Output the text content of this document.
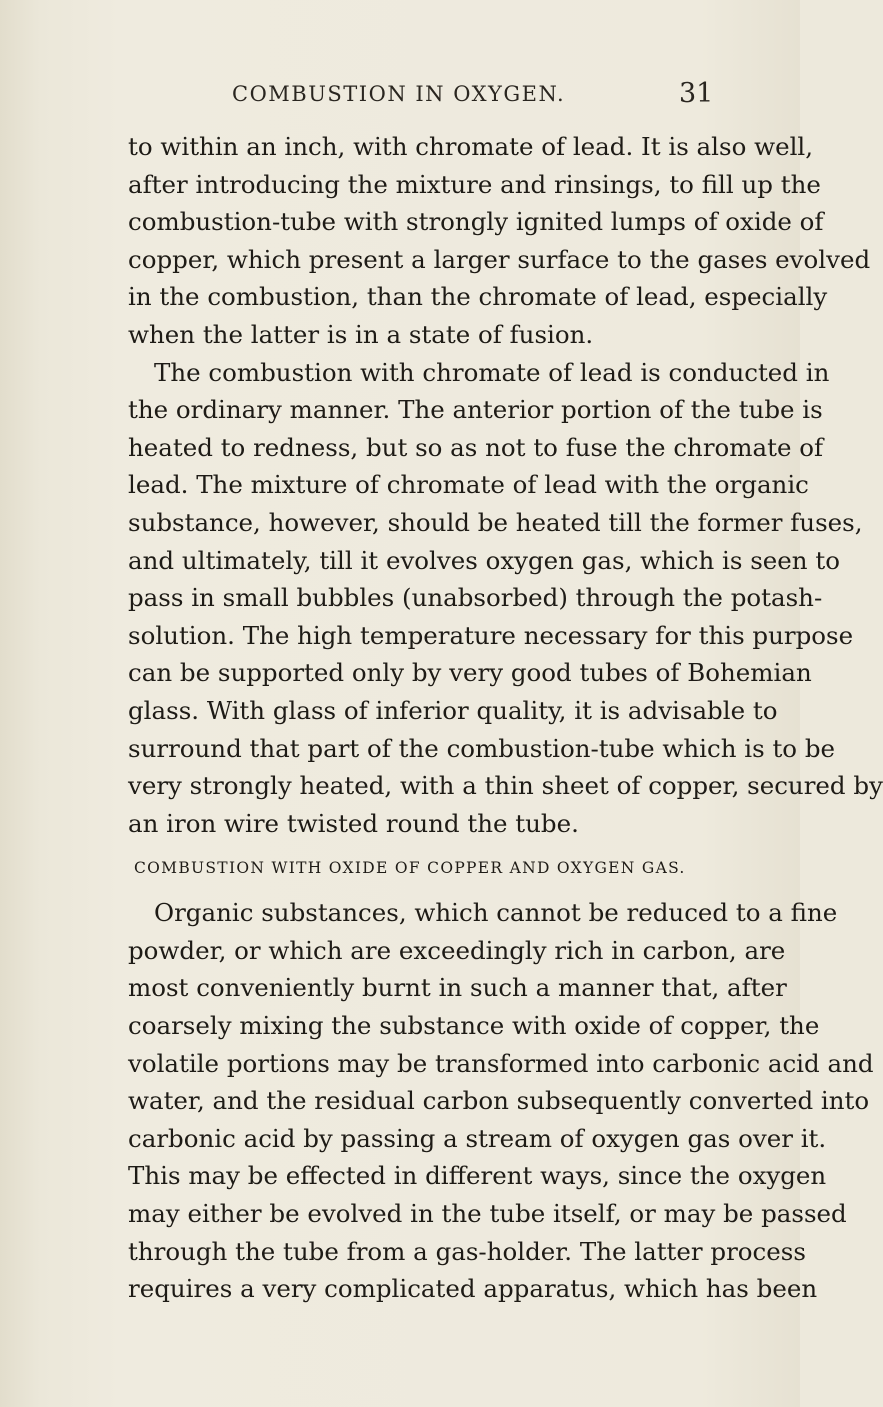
COMBUSTION IN OXYGEN.	31
to within an inch, with chromate of lead. It is also well,
after introducing the mixture and rinsings, to fill up the
combustion-tube with strongly ignited lumps of oxide of
copper, which present a larger surface to the gases evolved
in the combustion, than the chromate of lead, especially
when the latter is in a state of fusion.
The combustion with chromate of lead is conducted in
the ordinary manner. The anterior portion of the tube is
heated to redness, but so as not to fuse the chromate of
lead. The mixture of chromate of lead with the organic
substance, however, should be heated till the former fuses,
and ultimately, till it evolves oxygen gas, which is seen to
pass in small bubbles (unabsorbed) through the potash-
solution. The high temperature necessary for this purpose
can be supported only by very good tubes of Bohemian
glass. With glass of inferior quality, it is advisable to
surround that part of the combustion-tube which is to be
very strongly heated, with a thin sheet of copper, secured by
an iron wire twisted round the tube.
COMBUSTION WITH OXIDE OF COPPER AND OXYGEN GAS.
Organic substances, which cannot be reduced to a fine
powder, or which are exceedingly rich in carbon, are
most conveniently burnt in such a manner that, after
coarsely mixing the substance with oxide of copper, the
volatile portions may be transformed into carbonic acid and
water, and the residual carbon subsequently converted into
carbonic acid by passing a stream of oxygen gas over it.
This may be effected in different ways, since the oxygen
may either be evolved in the tube itself, or may be passed
through the tube from a gas-holder. The latter process
requires a very complicated apparatus, which has been
